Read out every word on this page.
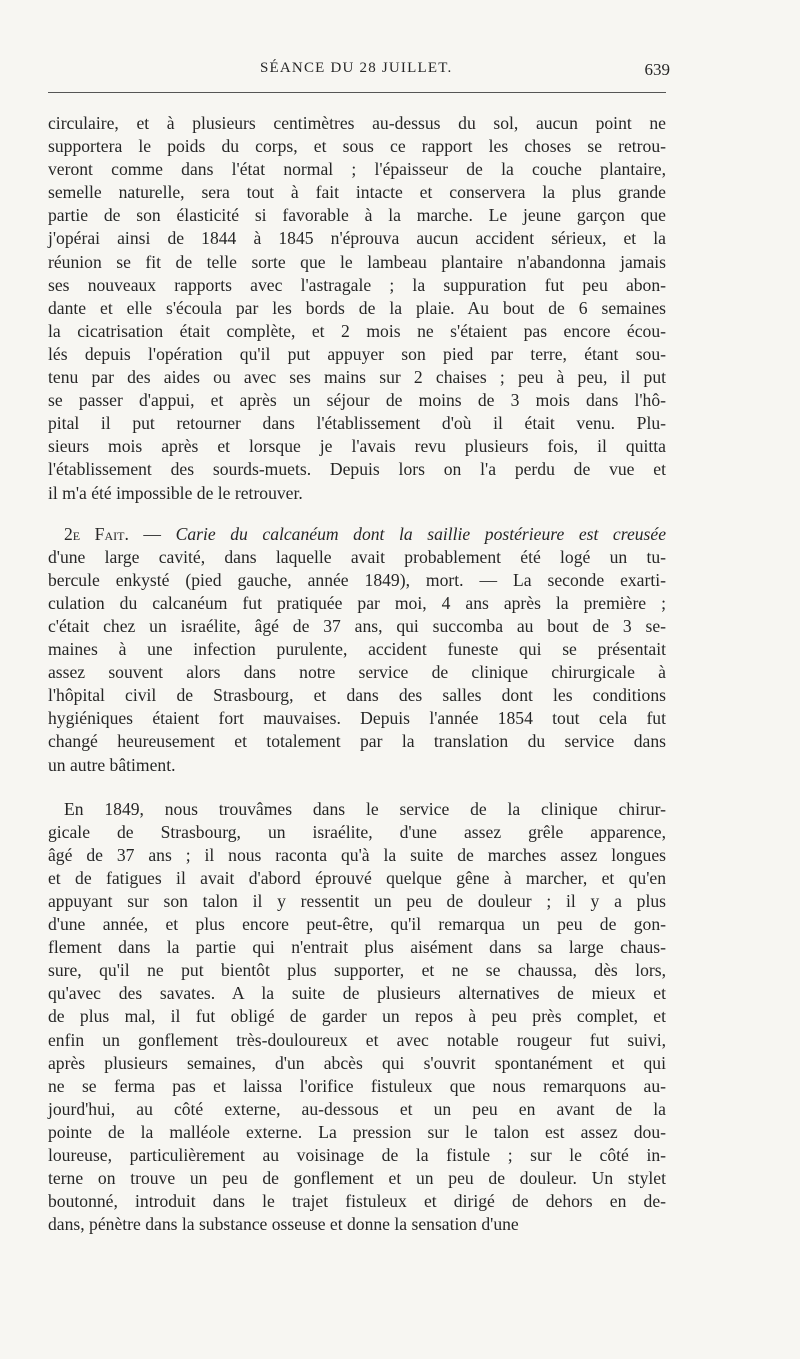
SÉANCE DU 28 JUILLET.	639

circulaire, et à plusieurs centimètres au-dessus du sol, aucun point ne
supportera le poids du corps, et sous ce rapport les choses se retrou-
veront comme dans l'état normal ; l'épaisseur de la couche plantaire,
semelle naturelle, sera tout à fait intacte et conservera la plus grande
partie de son élasticité si favorable à la marche. Le jeune garçon que
j'opérai ainsi de 1844 à 1845 n'éprouva aucun accident sérieux, et la
réunion se fit de telle sorte que le lambeau plantaire n'abandonna jamais
ses nouveaux rapports avec l'astragale ; la suppuration fut peu abon-
dante et elle s'écoula par les bords de la plaie. Au bout de 6 semaines
la cicatrisation était complète, et 2 mois ne s'étaient pas encore écou-
lés depuis l'opération qu'il put appuyer son pied par terre, étant sou-
tenu par des aides ou avec ses mains sur 2 chaises ; peu à peu, il put
se passer d'appui, et après un séjour de moins de 3 mois dans l'hô-
pital il put retourner dans l'établissement d'où il était venu. Plu-
sieurs mois après et lorsque je l'avais revu plusieurs fois, il quitta
l'établissement des sourds-muets. Depuis lors on l'a perdu de vue et
il m'a été impossible de le retrouver.

2e Fait. — Carie du calcanéum dont la saillie postérieure est creusée
d'une large cavité, dans laquelle avait probablement été logé un tu-
bercule enkysté (pied gauche, année 1849), mort. — La seconde exarti-
culation du calcanéum fut pratiquée par moi, 4 ans après la première ;
c'était chez un israélite, âgé de 37 ans, qui succomba au bout de 3 se-
maines à une infection purulente, accident funeste qui se présentait
assez souvent alors dans notre service de clinique chirurgicale à
l'hôpital civil de Strasbourg, et dans des salles dont les conditions
hygiéniques étaient fort mauvaises. Depuis l'année 1854 tout cela fut
changé heureusement et totalement par la translation du service dans
un autre bâtiment.

En 1849, nous trouvâmes dans le service de la clinique chirur-
gicale de Strasbourg, un israélite, d'une assez grêle apparence,
âgé de 37 ans ; il nous raconta qu'à la suite de marches assez longues
et de fatigues il avait d'abord éprouvé quelque gêne à marcher, et qu'en
appuyant sur son talon il y ressentit un peu de douleur ; il y a plus
d'une année, et plus encore peut-être, qu'il remarqua un peu de gon-
flement dans la partie qui n'entrait plus aisément dans sa large chaus-
sure, qu'il ne put bientôt plus supporter, et ne se chaussa, dès lors,
qu'avec des savates. A la suite de plusieurs alternatives de mieux et
de plus mal, il fut obligé de garder un repos à peu près complet, et
enfin un gonflement très-douloureux et avec notable rougeur fut suivi,
après plusieurs semaines, d'un abcès qui s'ouvrit spontanément et qui
ne se ferma pas et laissa l'orifice fistuleux que nous remarquons au-
jourd'hui, au côté externe, au-dessous et un peu en avant de la
pointe de la malléole externe. La pression sur le talon est assez dou-
loureuse, particulièrement au voisinage de la fistule ; sur le côté in-
terne on trouve un peu de gonflement et un peu de douleur. Un stylet
boutonné, introduit dans le trajet fistuleux et dirigé de dehors en de-
dans, pénètre dans la substance osseuse et donne la sensation d'une
